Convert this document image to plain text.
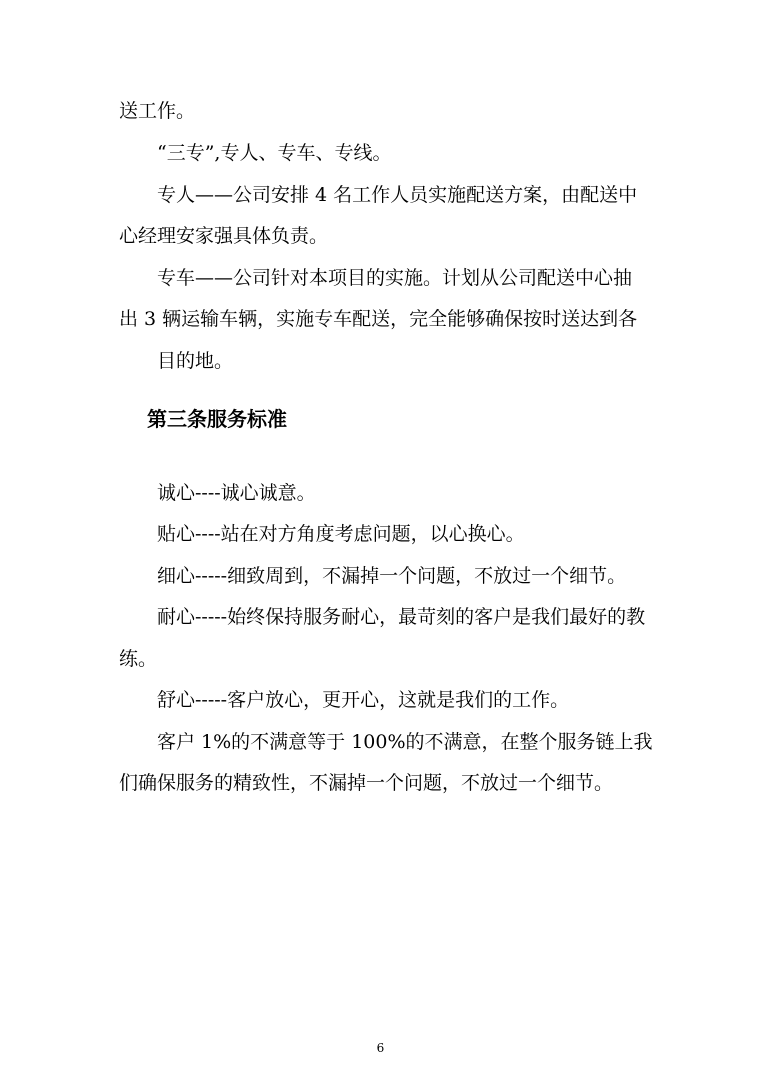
送工作。
“三专”,专人、专车、专线。
专人——公司安排 4 名工作人员实施配送方案，由配送中
心经理安家强具体负责。
专车——公司针对本项目的实施。计划从公司配送中心抽
出 3 辆运输车辆，实施专车配送，完全能够确保按时送达到各
目的地。
第三条服务标准
诚心----诚心诚意。
贴心----站在对方角度考虑问题，以心换心。
细心-----细致周到，不漏掉一个问题，不放过一个细节。
耐心-----始终保持服务耐心，最苛刻的客户是我们最好的教
练。
舒心-----客户放心，更开心，这就是我们的工作。
客户 1%的不满意等于 100%的不满意，在整个服务链上我
们确保服务的精致性，不漏掉一个问题，不放过一个细节。
6
